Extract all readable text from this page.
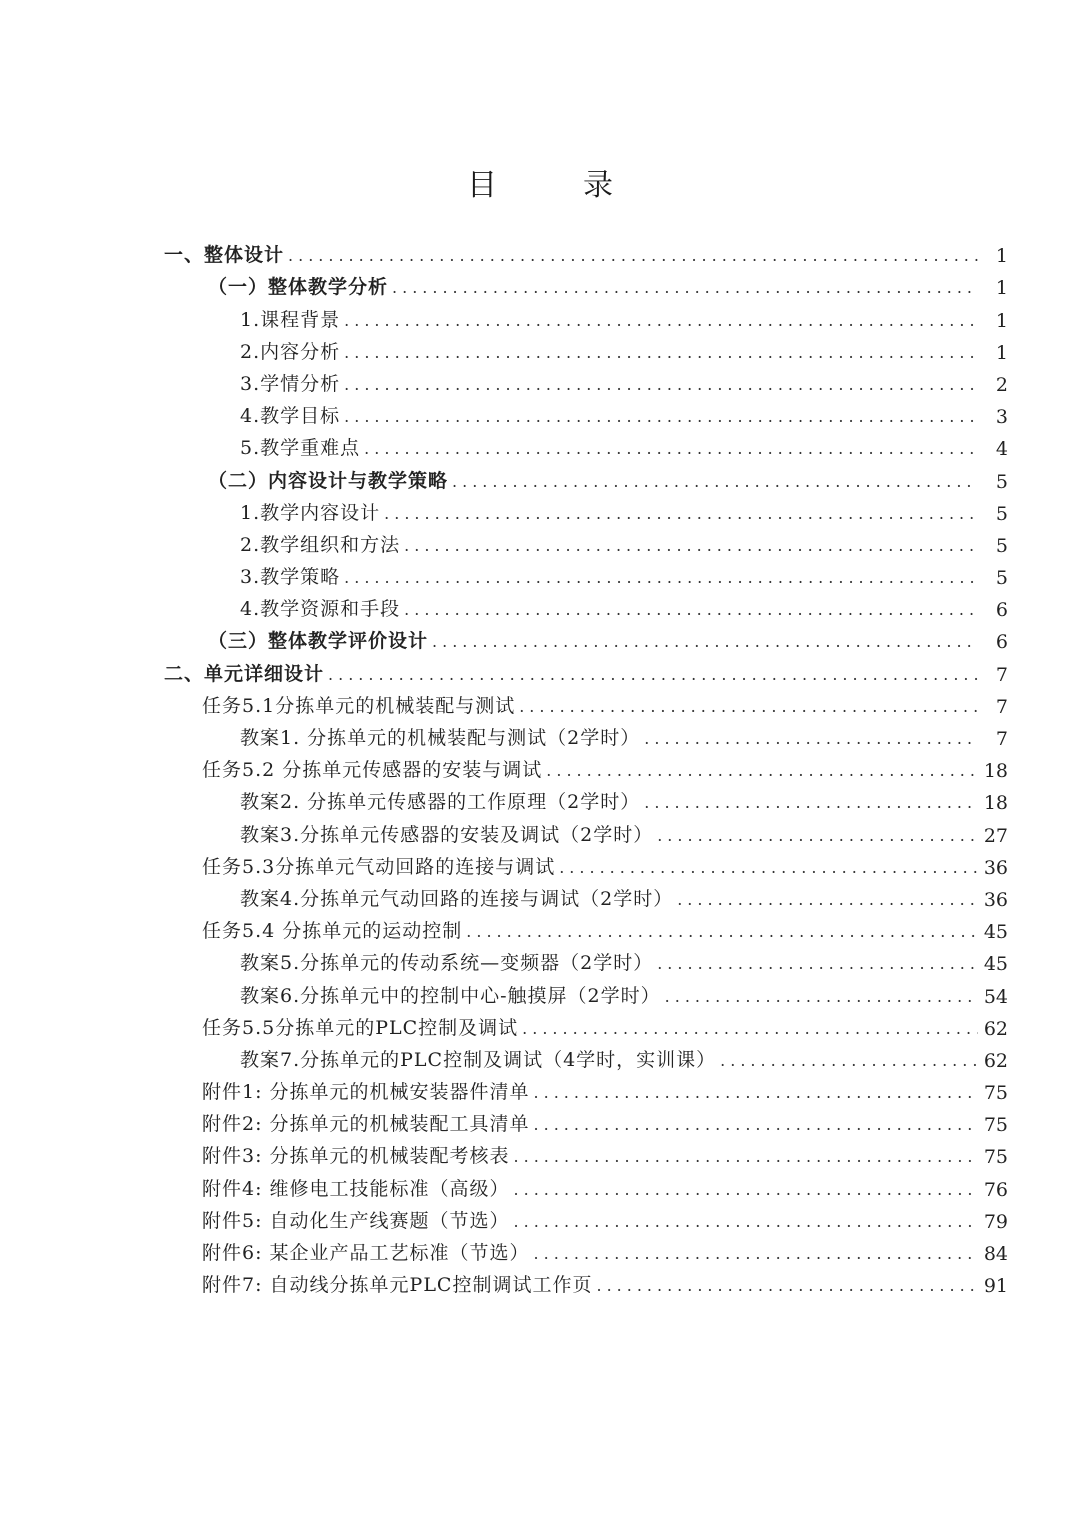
目　录
一、整体设计 .....	1
（一）整体教学分析 .....	1
1.课程背景 .....	1
2.内容分析 .....	1
3.学情分析 .....	2
4.教学目标 .....	3
5.教学重难点 .....	4
（二）内容设计与教学策略 .....	5
1.教学内容设计 .....	5
2.教学组织和方法 .....	5
3.教学策略 .....	5
4.教学资源和手段 .....	6
（三）整体教学评价设计 .....	6
二、单元详细设计 .....	7
任务5.1分拣单元的机械装配与测试 .....	7
教案1. 分拣单元的机械装配与测试（2学时） .....	7
任务5.2 分拣单元传感器的安装与调试 .....	18
教案2. 分拣单元传感器的工作原理（2学时） .....	18
教案3.分拣单元传感器的安装及调试（2学时） .....	27
任务5.3分拣单元气动回路的连接与调试 .....	36
教案4.分拣单元气动回路的连接与调试（2学时） .....	36
任务5.4 分拣单元的运动控制 .....	45
教案5.分拣单元的传动系统—变频器（2学时） .....	45
教案6.分拣单元中的控制中心-触摸屏（2学时） .....	54
任务5.5分拣单元的PLC控制及调试 .....	62
教案7.分拣单元的PLC控制及调试（4学时，实训课） .....	62
附件1: 分拣单元的机械安装器件清单 .....	75
附件2: 分拣单元的机械装配工具清单 .....	75
附件3: 分拣单元的机械装配考核表 .....	75
附件4: 维修电工技能标准（高级） .....	76
附件5: 自动化生产线赛题（节选） .....	79
附件6: 某企业产品工艺标准（节选） .....	84
附件7: 自动线分拣单元PLC控制调试工作页 .....	91
